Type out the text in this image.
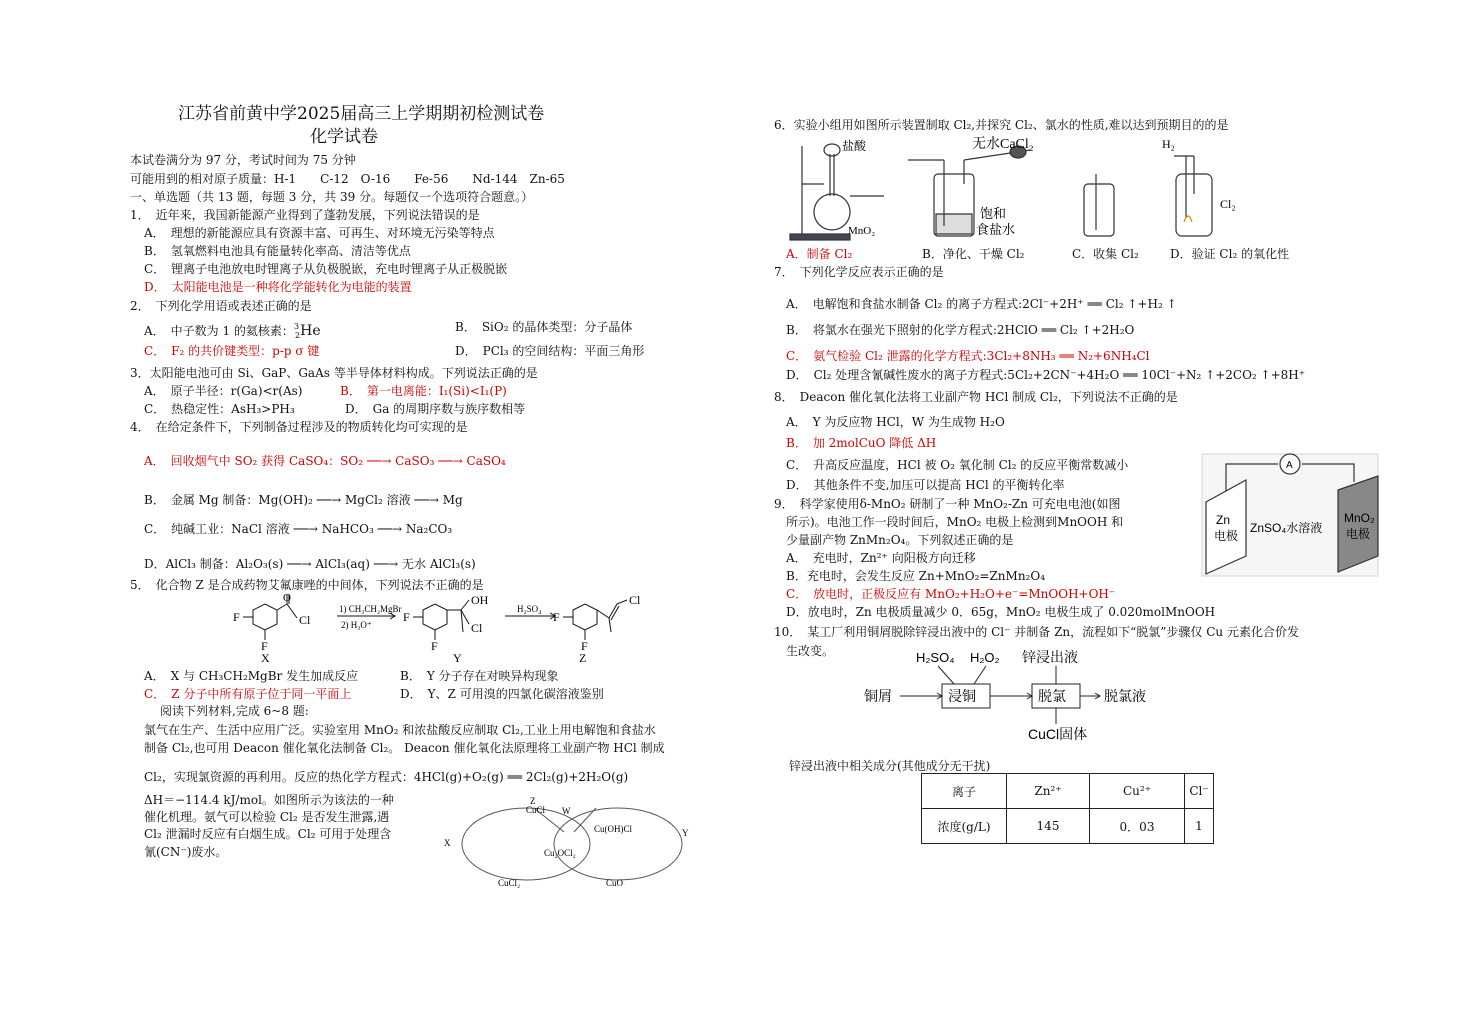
江苏省前黄中学2025届高三上学期期初检测试卷
化学试卷
本试卷满分为 97 分，考试时间为 75 分钟
可能用到的相对原子质量：H-1　　C-12　O-16　　Fe-56　　Nd-144　Zn-65
一、单选题（共 13 题，每题 3 分，共 39 分。每题仅一个选项符合题意。）
1．　近年来，我国新能源产业得到了蓬勃发展，下列说法错误的是
A．　理想的新能源应具有资源丰富、可再生、对环境无污染等特点
B．　氢氧燃料电池具有能量转化率高、清洁等优点
C．　锂离子电池放电时锂离子从负极脱嵌，充电时锂离子从正极脱嵌
D．　太阳能电池是一种将化学能转化为电能的装置
2．　下列化学用语或表述正确的是
A．　中子数为 1 的氦核素：$^3_2$He	B．　SiO₂ 的晶体类型：分子晶体
C．　F₂ 的共价键类型：p-p σ 键	D．　PCl₃ 的空间结构：平面三角形
3．太阳能电池可由 Si、GaP、GaAs 等半导体材料构成。下列说法正确的是
A．　原子半径：r(Ga)<r(As)	B．　第一电离能：I₁(Si)<I₁(P)
C．　热稳定性：AsH₃>PH₃	D．　Ga 的周期序数与族序数相等
4．　在给定条件下，下列制备过程涉及的物质转化均可实现的是
A．　回收烟气中 SO₂ 获得 CaSO₄：SO₂ ──→ CaSO₃ ──→ CaSO₄
B．　金属 Mg 制备：Mg(OH)₂ ──→ MgCl₂ 溶液 ──→ Mg
C．　纯碱工业：NaCl 溶液 ──→ NaHCO₃ ──→ Na₂CO₃
D．AlCl₃ 制备：Al₂O₃(s) ──→ AlCl₃(aq) ──→ 无水 AlCl₃(s)
5．　化合物 Z 是合成药物艾氟康唑的中间体，下列说法不正确的是
F
F
O
Cl
X
1) CH₃CH₂MgBr
2) H₃O⁺
F
F
OH
Cl
Y
H₂SO₄
F
F
Cl
Z
A．　X 与 CH₃CH₂MgBr 发生加成反应	B．　Y 分子存在对映异构现象
C．　Z 分子中所有原子位于同一平面上	D．　Y、Z 可用溴的四氯化碳溶液鉴别
阅读下列材料,完成 6~8 题:
氯气在生产、生活中应用广泛。实验室用 MnO₂ 和浓盐酸反应制取 Cl₂,工业上用电解饱和食盐水
制备 Cl₂,也可用 Deacon 催化氧化法制备 Cl₂。 Deacon 催化氧化法原理将工业副产物 HCl 制成
Cl₂，实现氯资源的再利用。反应的热化学方程式：4HCl(g)+O₂(g) ══ 2Cl₂(g)+2H₂O(g)
ΔH＝−114.4 kJ/mol。如图所示为该法的一种
催化机理。氨气可以检验 Cl₂ 是否发生泄露,遇
Cl₂ 泄漏时反应有白烟生成。Cl₂ 可用于处理含
氰(CN⁻)废水。
CuCl
Cu(OH)Cl
Cu₂OCl₂
CuCl₂	CuO
Z
W
X
Y
6．实验小组用如图所示装置制取 Cl₂,并探究 Cl₂、氯水的性质,难以达到预期目的的是
盐酸
MnO₂
无水CaCl₂
饱和
食盐水
H₂
Cl₂
A．制备 Cl₂	B．净化、干燥 Cl₂	C．收集 Cl₂	D．验证 Cl₂ 的氧化性
7．　下列化学反应表示正确的是
A．　电解饱和食盐水制备 Cl₂ 的离子方程式:2Cl⁻+2H⁺ ══ Cl₂ ↑+H₂ ↑
B．　将氯水在强光下照射的化学方程式:2HClO ══ Cl₂ ↑+2H₂O
C．　氨气检验 Cl₂ 泄露的化学方程式:3Cl₂+8NH₃ ══ N₂+6NH₄Cl
D．　Cl₂ 处理含氰碱性废水的离子方程式:5Cl₂+2CN⁻+4H₂O ══ 10Cl⁻+N₂ ↑+2CO₂ ↑+8H⁺
8．　Deacon 催化氧化法将工业副产物 HCl 制成 Cl₂，下列说法不正确的是
A．　Y 为反应物 HCl，W 为生成物 H₂O
B．　加 2molCuO 降低 ΔH
C．　升高反应温度，HCl 被 O₂ 氧化制 Cl₂ 的反应平衡常数减小
D．　其他条件不变,加压可以提高 HCl 的平衡转化率
A
Zn
电极
ZnSO₄水溶液
MnO₂
电极
9．　科学家使用δ-MnO₂ 研制了一种 MnO₂-Zn 可充电电池(如图
所示)。电池工作一段时间后，MnO₂ 电极上检测到MnOOH 和
少量副产物 ZnMn₂O₄。下列叙述正确的是
A．　充电时，Zn²⁺ 向阳极方向迁移
B．充电时，会发生反应 Zn+MnO₂=ZnMn₂O₄
C．　放电时，正极反应有 MnO₂+H₂O+e⁻=MnOOH+OH⁻
D．放电时，Zn 电极质量减少 0．65g，MnO₂ 电极生成了 0.020molMnOOH
10．　某工厂利用铜屑脱除锌浸出液中的 Cl⁻ 并制备 Zn，流程如下“脱氯”步骤仅 Cu 元素化合价发
生改变。	H₂SO₄ H₂O₂ 锌浸出液
铜屑	浸铜	脱氯	脱氯液
CuCl固体
锌浸出液中相关成分(其他成分无干扰)
离子	Zn²⁺	Cu²⁺	Cl⁻
浓度(g/L)	145	0．03	1
